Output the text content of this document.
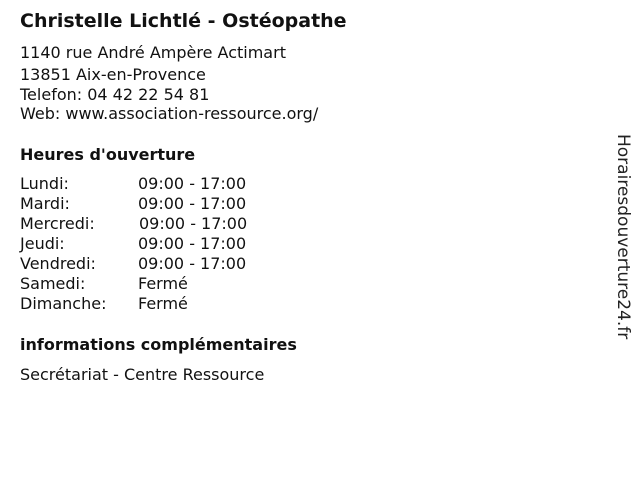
Christelle Lichtlé - Ostéopathe
1140 rue André Ampère Actimart
13851 Aix-en-Provence
Telefon: 04 42 22 54 81
Web: www.association-ressource.org/
Heures d'ouverture
Lundi:	09:00 - 17:00
Mardi:	09:00 - 17:00
Mercredi:	09:00 - 17:00
Jeudi:	09:00 - 17:00
Vendredi:	09:00 - 17:00
Samedi:	Fermé
Dimanche: Fermé
informations complémentaires
Secrétariat - Centre Ressource
Horairesdouverture24.fr
